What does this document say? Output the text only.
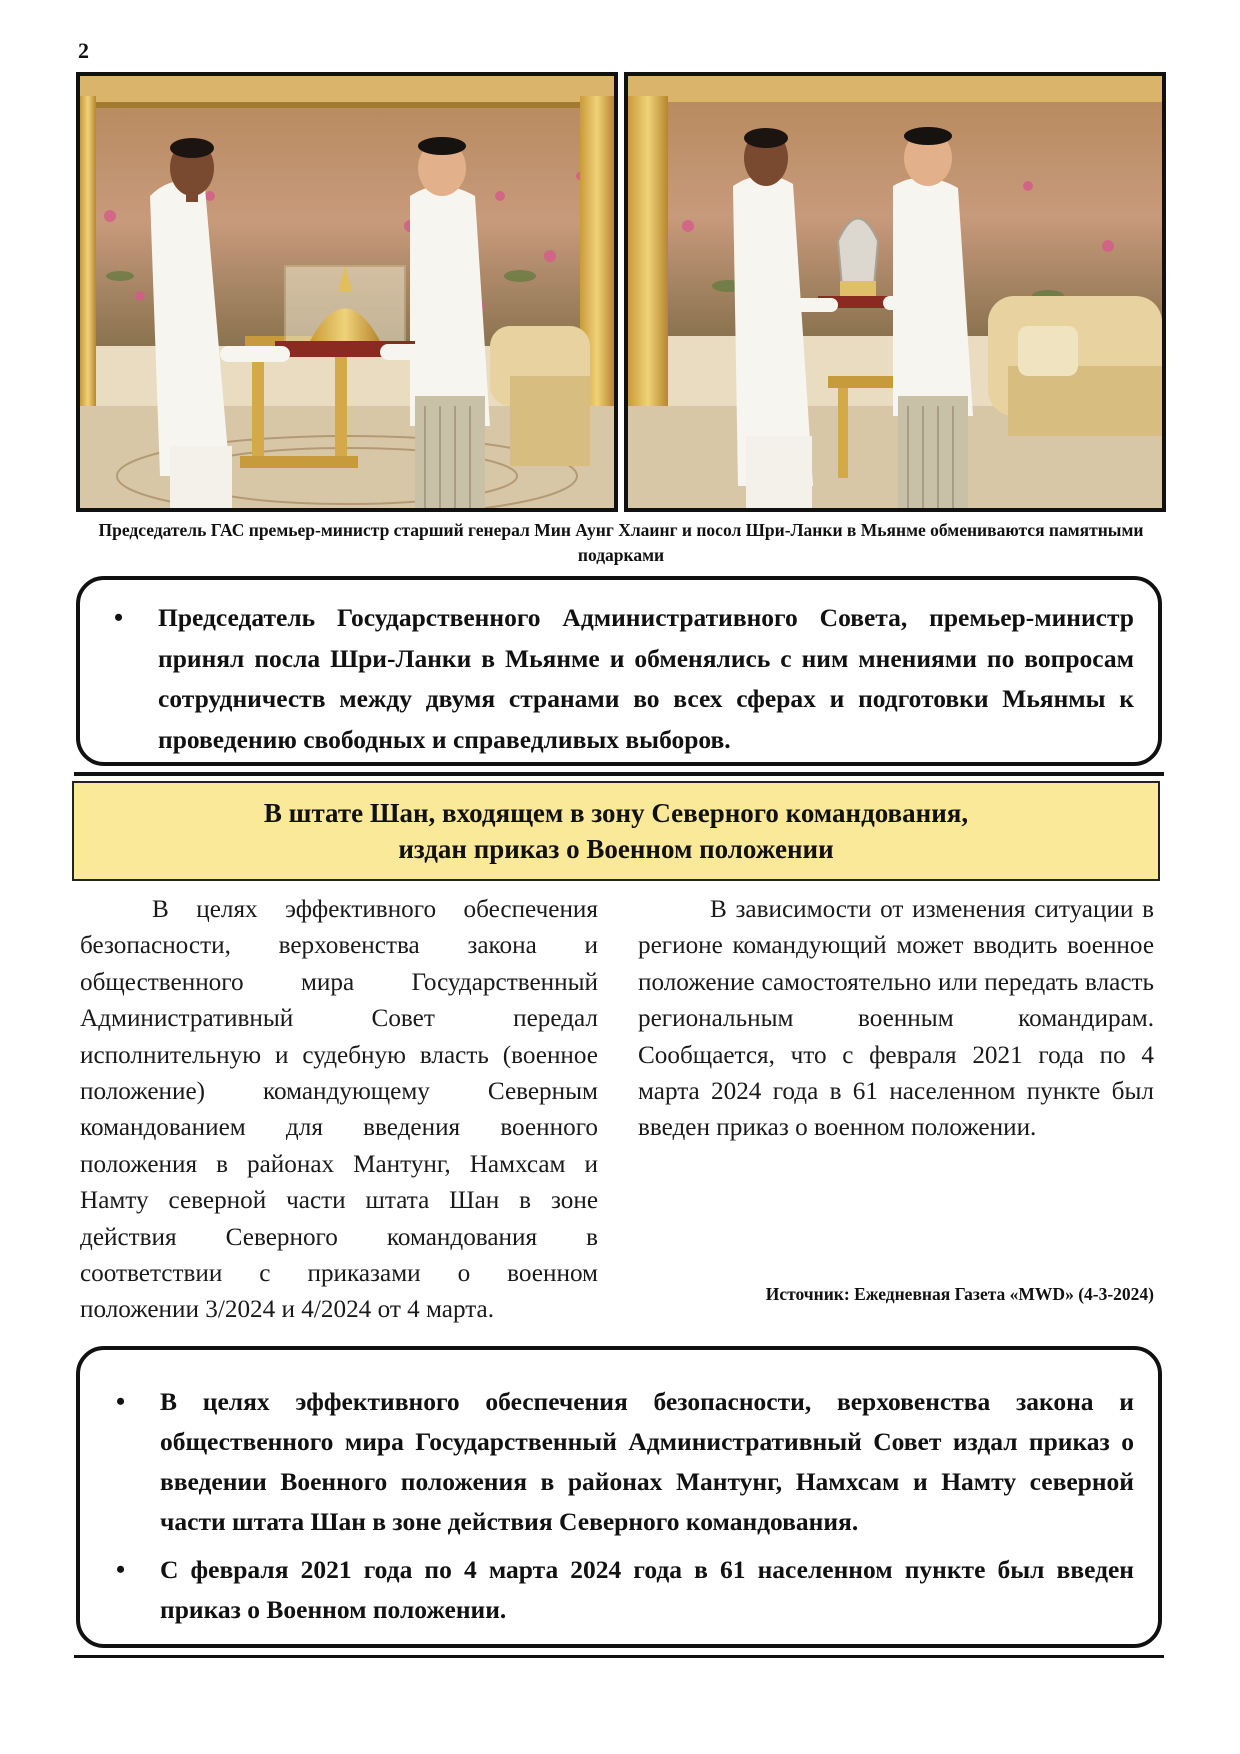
2
Председатель ГАС премьер-министр старший генерал Мин Аунг Хлаинг и посол Шри-Ланки в Мьянме обмениваются памятными подарками
• Председатель Государственного Административного Совета, премьер-министр принял посла Шри-Ланки в Мьянме и обменялись с ним мнениями по вопросам сотрудничеств между двумя странами во всех сферах и подготовки Мьянмы к проведению свободных и справедливых выборов.
В штате Шан, входящем в зону Северного командования,
издан приказ о Военном положении

В целях эффективного обеспечения безопасности, верховенства закона и общественного мира Государственный Административный Совет передал исполнительную и судебную власть (военное положение) командующему Северным командованием для введения военного положения в районах Мантунг, Намхсам и Намту северной части штата Шан в зоне действия Северного командования в соответствии с приказами о военном положении 3/2024 и 4/2024 от 4 марта.

В зависимости от изменения ситуации в регионе командующий может вводить военное положение самостоятельно или передать власть региональным военным командирам. Сообщается, что с февраля 2021 года по 4 марта 2024 года в 61 населенном пункте был введен приказ о военном положении.

Источник: Ежедневная Газета «MWD» (4-3-2024)
• В целях эффективного обеспечения безопасности, верховенства закона и общественного мира Государственный Административный Совет издал приказ о введении Военного положения в районах Мантунг, Намхсам и Намту северной части штата Шан в зоне действия Северного командования.
• С февраля 2021 года по 4 марта 2024 года в 61 населенном пункте был введен приказ о Военном положении.
